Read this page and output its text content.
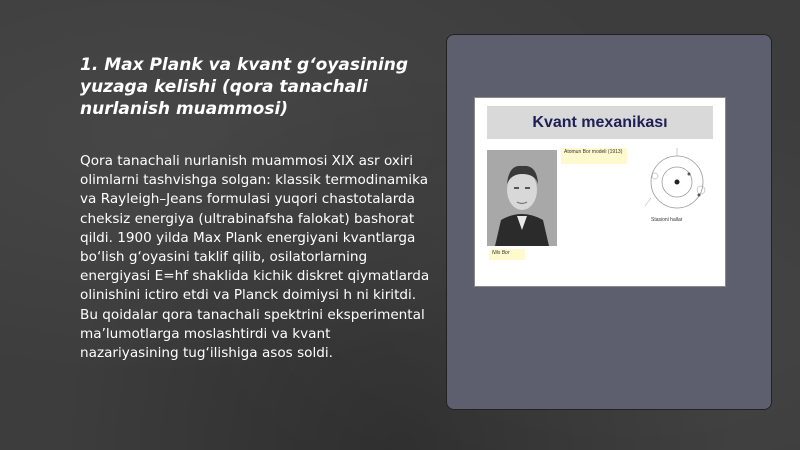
1. Max Plank va kvant g‘oyasining yuzaga kelishi (qora tanachali nurlanish muammosi)
Qora tanachali nurlanish muammosi XIX asr oxiri olimlarni tashvishga solgan: klassik termodinamika va Rayleigh–Jeans formulasi yuqori chastotalarda cheksiz energiya (ultrabinafsha falokat) bashorat qildi. 1900 yilda Max Plank energiyani kvantlarga bo‘lish g‘oyasini taklif qilib, osilatorlarning energiyasi E=hf shaklida kichik diskret qiymatlarda olinishini ictiro etdi va Planck doimiysi h ni kiritdi. Bu qoidalar qora tanachali spektrini eksperimental ma’lumotlarga moslashtirdi va kvant nazariyasining tug‘ilishiga asos soldi.
Kvant mexanikası
Atomun Bor modeli (1913)
Nils Bor
Stasioni hallar
